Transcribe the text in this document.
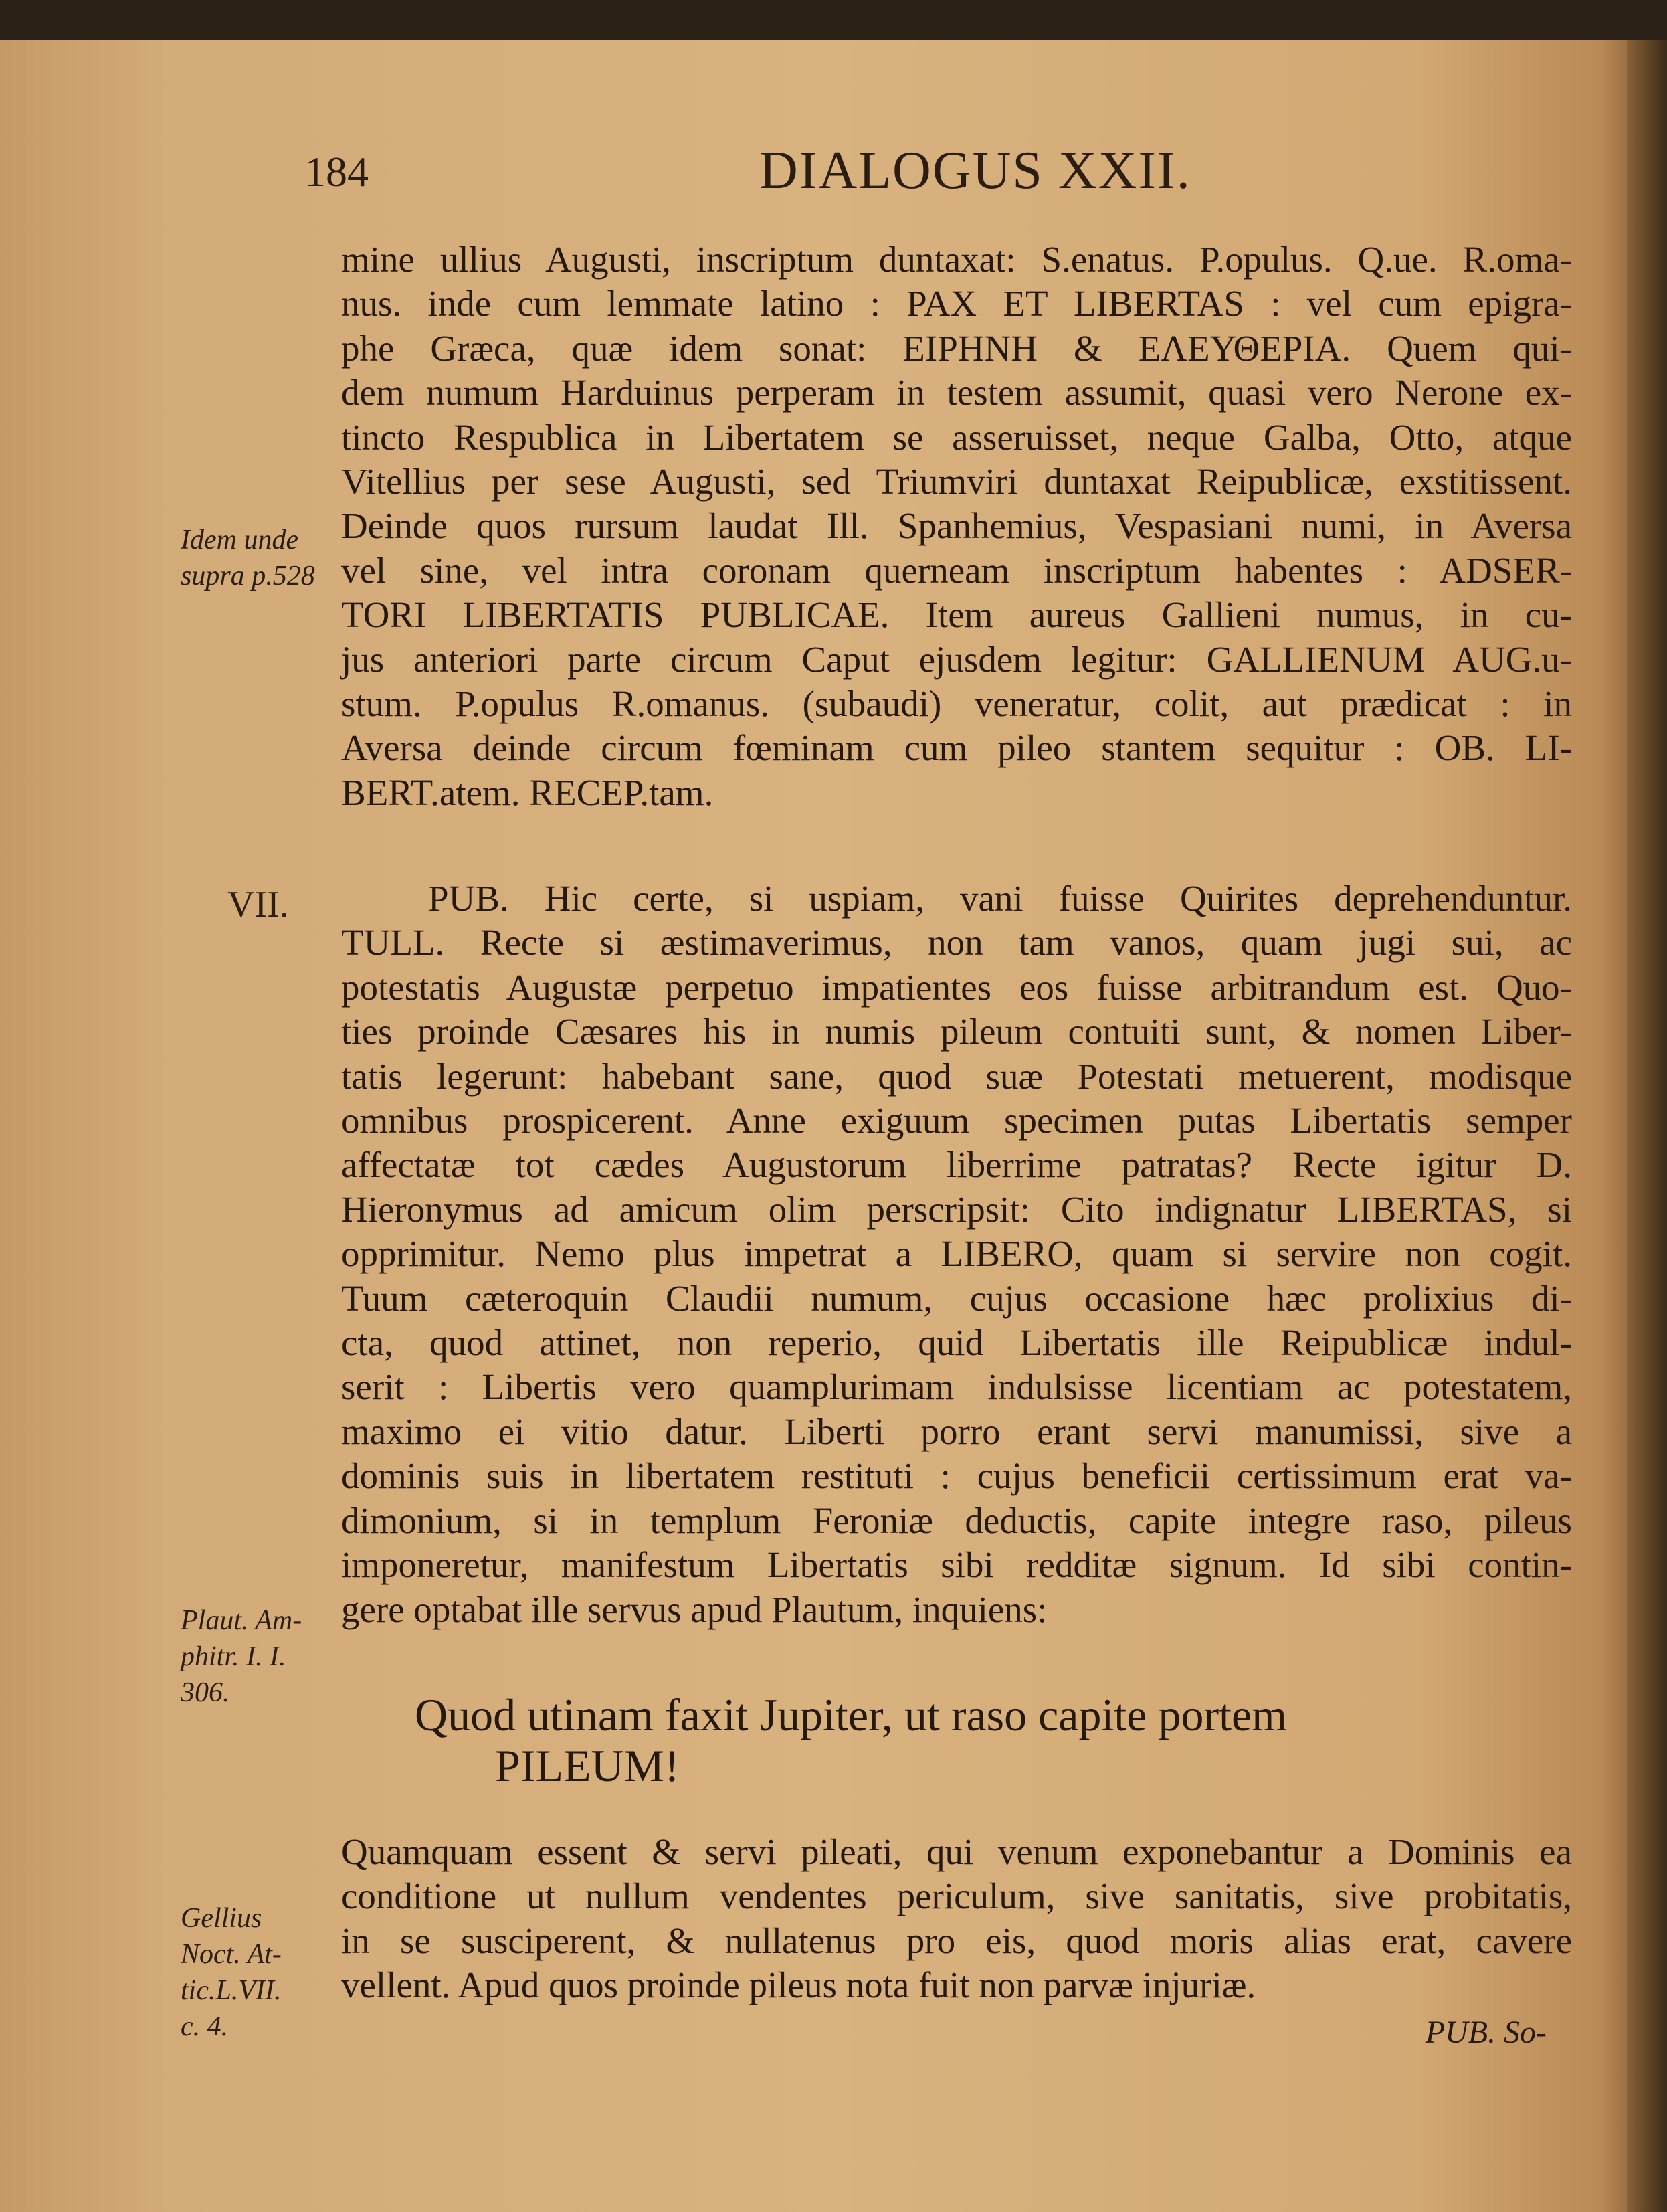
184	DIALOGUS XXII.
Idem unde
supra p.528
VII.
Plaut. Am-
phitr. I. I.
306.
Gellius
Noct. At-
tic.L.VII.
c. 4.
mine ullius Augusti, inscriptum duntaxat: S.enatus. P.opulus. Q.ue. R.oma-
nus. inde cum lemmate latino : PAX ET LIBERTAS : vel cum epigra-
phe Græca, quæ idem sonat: ΕΙΡΗΝΗ & ΕΛΕΥΘΕΡΙΑ. Quem qui-
dem numum Harduinus perperam in testem assumit, quasi vero Nerone ex-
tincto Respublica in Libertatem se asseruisset, neque Galba, Otto, atque
Vitellius per sese Augusti, sed Triumviri duntaxat Reipublicæ, exstitissent.
Deinde quos rursum laudat Ill. Spanhemius, Vespasiani numi, in Aversa
vel sine, vel intra coronam querneam inscriptum habentes : ADSER-
TORI LIBERTATIS PUBLICAE. Item aureus Gallieni numus, in cu-
jus anteriori parte circum Caput ejusdem legitur: GALLIENUM AUG.u-
stum. P.opulus R.omanus. (subaudi) veneratur, colit, aut prædicat : in
Aversa deinde circum fœminam cum pileo stantem sequitur : OB. LI-
BERT.atem. RECEP.tam.
PUB. Hic certe, si uspiam, vani fuisse Quirites deprehenduntur.
TULL. Recte si æstimaverimus, non tam vanos, quam jugi sui, ac
potestatis Augustæ perpetuo impatientes eos fuisse arbitrandum est. Quo-
ties proinde Cæsares his in numis pileum contuiti sunt, & nomen Liber-
tatis legerunt: habebant sane, quod suæ Potestati metuerent, modisque
omnibus prospicerent. Anne exiguum specimen putas Libertatis semper
affectatæ tot cædes Augustorum liberrime patratas? Recte igitur D.
Hieronymus ad amicum olim perscripsit: Cito indignatur LIBERTAS, si
opprimitur. Nemo plus impetrat a LIBERO, quam si servire non cogit.
Tuum cæteroquin Claudii numum, cujus occasione hæc prolixius di-
cta, quod attinet, non reperio, quid Libertatis ille Reipublicæ indul-
serit : Libertis vero quamplurimam indulsisse licentiam ac potestatem,
maximo ei vitio datur. Liberti porro erant servi manumissi, sive a
dominis suis in libertatem restituti : cujus beneficii certissimum erat va-
dimonium, si in templum Feroniæ deductis, capite integre raso, pileus
imponeretur, manifestum Libertatis sibi redditæ signum. Id sibi contin-
gere optabat ille servus apud Plautum, inquiens:
Quod utinam faxit Jupiter, ut raso capite portem
PILEUM!
Quamquam essent & servi pileati, qui venum exponebantur a Dominis ea
conditione ut nullum vendentes periculum, sive sanitatis, sive probitatis,
in se susciperent, & nullatenus pro eis, quod moris alias erat, cavere
vellent. Apud quos proinde pileus nota fuit non parvæ injuriæ.
PUB. So-
